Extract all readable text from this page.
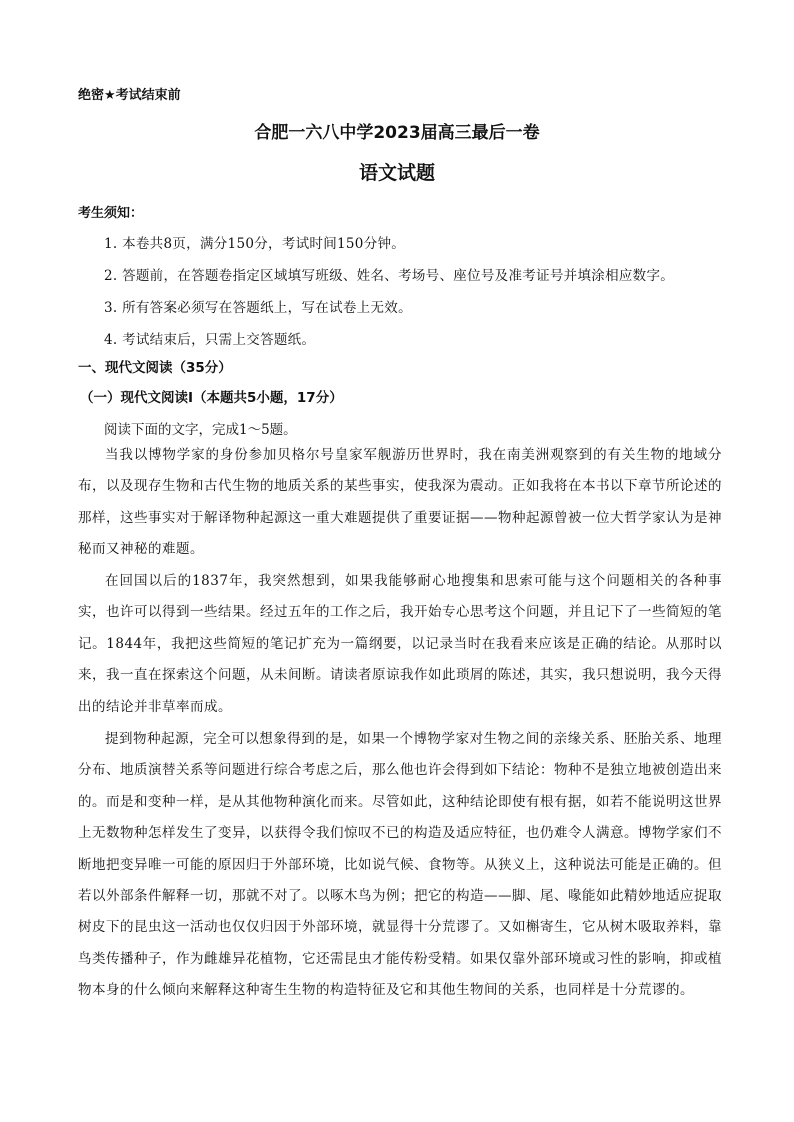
绝密★考试结束前
合肥一六八中学2023届高三最后一卷
语文试题
考生须知：
1. 本卷共8页，满分150分，考试时间150分钟。
2. 答题前，在答题卷指定区域填写班级、姓名、考场号、座位号及准考证号并填涂相应数字。
3. 所有答案必须写在答题纸上，写在试卷上无效。
4. 考试结束后，只需上交答题纸。
一、现代文阅读（35分）
（一）现代文阅读Ⅰ（本题共5小题，17分）
阅读下面的文字，完成1～5题。

当我以博物学家的身份参加贝格尔号皇家军舰游历世界时，我在南美洲观察到的有关生物的地域分布，以及现存生物和古代生物的地质关系的某些事实，使我深为震动。正如我将在本书以下章节所论述的那样，这些事实对于解译物种起源这一重大难题提供了重要证据——物种起源曾被一位大哲学家认为是神秘而又神秘的难题。

在回国以后的1837年，我突然想到，如果我能够耐心地搜集和思索可能与这个问题相关的各种事实，也许可以得到一些结果。经过五年的工作之后，我开始专心思考这个问题，并且记下了一些简短的笔记。1844年，我把这些简短的笔记扩充为一篇纲要，以记录当时在我看来应该是正确的结论。从那时以来，我一直在探索这个问题，从未间断。请读者原谅我作如此琐屑的陈述，其实，我只想说明，我今天得出的结论并非草率而成。

提到物种起源，完全可以想象得到的是，如果一个博物学家对生物之间的亲缘关系、胚胎关系、地理分布、地质演替关系等问题进行综合考虑之后，那么他也许会得到如下结论：物种不是独立地被创造出来的。而是和变种一样，是从其他物种演化而来。尽管如此，这种结论即使有根有据，如若不能说明这世界上无数物种怎样发生了变异，以获得令我们惊叹不已的构造及适应特征，也仍难令人满意。博物学家们不断地把变异唯一可能的原因归于外部环境，比如说气候、食物等。从狭义上，这种说法可能是正确的。但若以外部条件解释一切，那就不对了。以啄木鸟为例；把它的构造——脚、尾、喙能如此精妙地适应捉取树皮下的昆虫这一活动也仅仅归因于外部环境，就显得十分荒谬了。又如槲寄生，它从树木吸取养料，靠鸟类传播种子，作为雌雄异花植物，它还需昆虫才能传粉受精。如果仅靠外部环境或习性的影响，抑或植物本身的什么倾向来解释这种寄生生物的构造特征及它和其他生物间的关系，也同样是十分荒谬的。
